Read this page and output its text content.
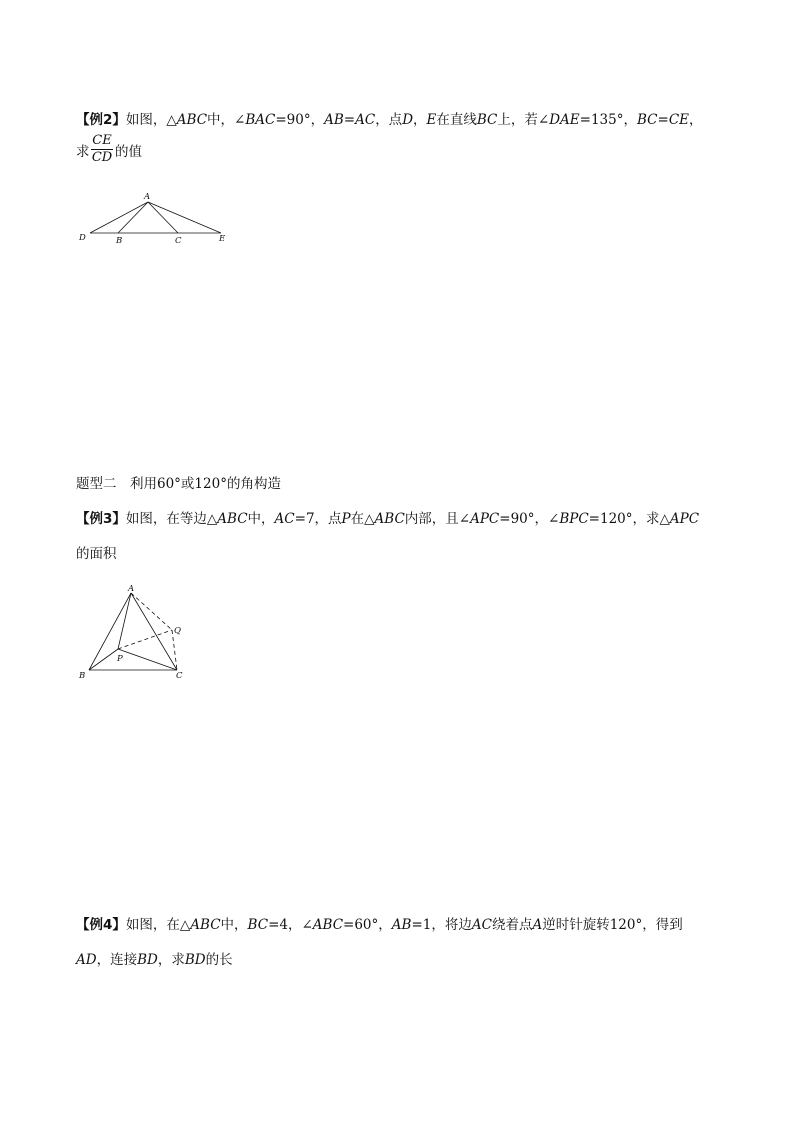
【例2】如图，△ABC中，∠BAC=90°，AB=AC，点D，E在直线BC上，若∠DAE=135°，BC=CE，
求
CE
CD 的值
A
D	B	C	E
题型二　利用60°或120°的角构造
【例3】如图，在等边△ABC中，AC=7，点P在△ABC内部，且∠APC=90°，∠BPC=120°，求△APC
的面积
A
B	C
P
Q
【例4】如图，在△ABC中，BC=4，∠ABC=60°，AB=1，将边AC绕着点A逆时针旋转120°，得到
AD，连接BD，求BD的长
